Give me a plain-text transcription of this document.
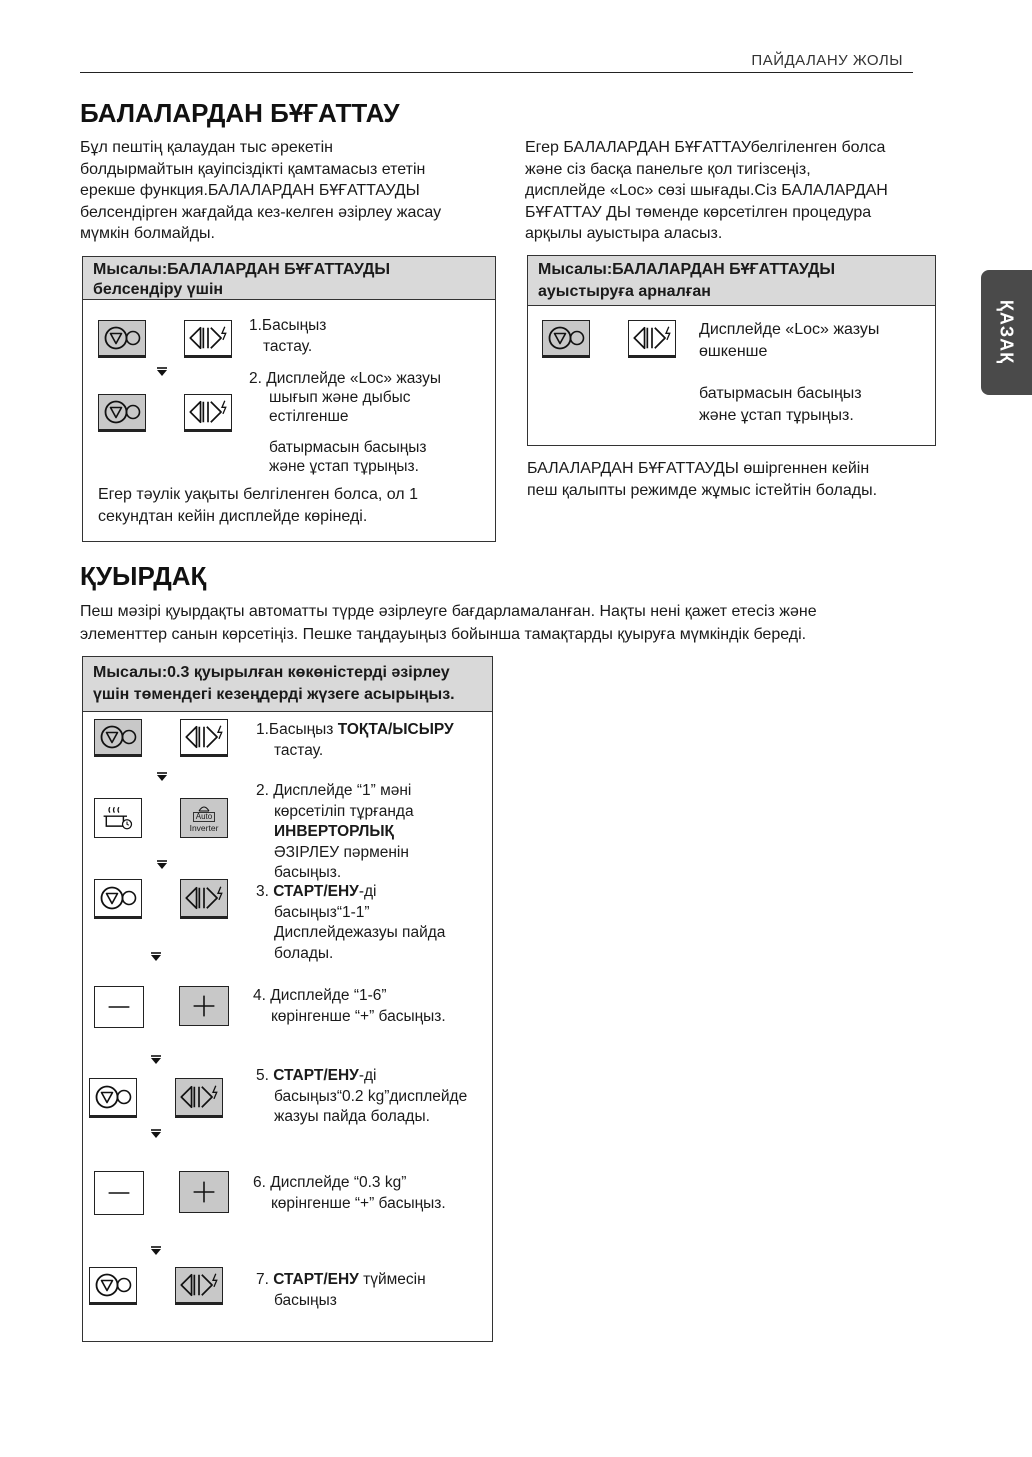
ПАЙДАЛАНУ ЖОЛЫ
ҚАЗАҚ
БАЛАЛАРДАН БҰҒАТТАУ
Бұл пештің қалаудан тыс әрекетін
болдырмайтын қауіпсіздікті қамтамасыз ететін
ерекше функция.БАЛАЛАРДАН БҰҒАТТАУДЫ
белсендірген жағдайда кез-келген әзірлеу жасау
мүмкін болмайды.
Егер БАЛАЛАРДАН БҰҒАТТАУбелгіленген болса
және сіз басқа панельге қол тигізсеңіз,
дисплейде «Loc» сөзі шығады.Сіз БАЛАЛАРДАН
БҰҒАТТАУ ДЫ төменде көрсетілген процедура
арқылы ауыстыра аласыз.
Мысалы:БАЛАЛАРДАН БҰҒАТТАУДЫ
белсендіру үшін
1.Басыңыз
тастау.
2. Дисплейде «Loc» жазуы
шығып және дыбыс
естілгенше
батырмасын басыңыз
және ұстап тұрыңыз.
Егер тәулік уақыты белгіленген болса, ол 1
секундтан кейін дисплейде көрінеді.
Мысалы:БАЛАЛАРДАН БҰҒАТТАУДЫ
ауыстыруға арналған
Дисплейде «Loc» жазуы
өшкенше
батырмасын басыңыз
және ұстап тұрыңыз.
БАЛАЛАРДАН БҰҒАТТАУДЫ өшіргеннен кейін
пеш қалыпты режимде жұмыс істейтін болады.
ҚУЫРДАҚ
Пеш мәзірі қуырдақты автоматты түрде әзірлеуге бағдарламаланған. Нақты нені қажет етесіз және
элементтер санын көрсетіңіз. Пешке таңдауыңыз бойынша тамақтарды қуыруға мүмкіндік береді.
Мысалы:0.3 қуырылған көкөністерді әзірлеу
үшін төмендегі кезеңдерді жүзеге асырыңыз.
Auto
Inverter
1.Басыңыз ТОҚТА/ЫСЫРУ
тастау.
2. Дисплейде “1” мәні
көрсетіліп тұрғанда
ИНВЕРТОРЛЫҚ
ӘЗІРЛЕУ пәрменін
басыңыз.
3. СТАРТ/ЕНУ-ді
басыңыз“1-1”
Дисплейдежазуы пайда
болады.
4. Дисплейде “1-6”
көрінгенше “+” басыңыз.
5. СТАРТ/ЕНУ-ді
басыңыз“0.2 kg”дисплейде
жазуы пайда болады.
6. Дисплейде “0.3 kg”
көрінгенше “+” басыңыз.
7. СТАРТ/ЕНУ түймесін
басыңыз
